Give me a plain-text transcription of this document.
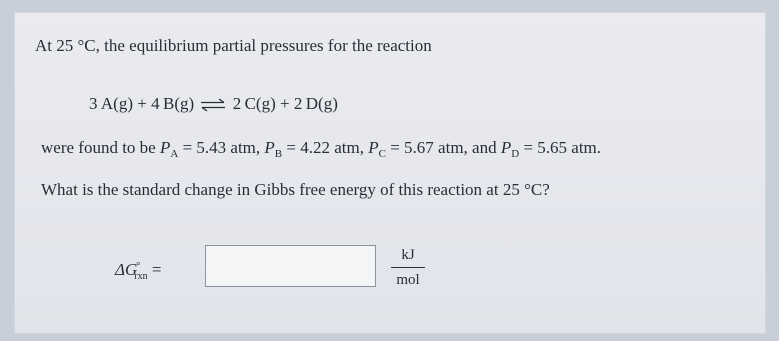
At 25 °C, the equilibrium partial pressures for the reaction
3 A(g) + 4 B(g) ⇌ 2 C(g) + 2 D(g)
were found to be $P_A = 5.43$ atm, $P_B = 4.22$ atm, $P_C = 5.67$ atm, and $P_D = 5.65$ atm.
What is the standard change in Gibbs free energy of this reaction at 25 °C?
$\Delta G^\circ_{rxn}$ =
kJ
mol
